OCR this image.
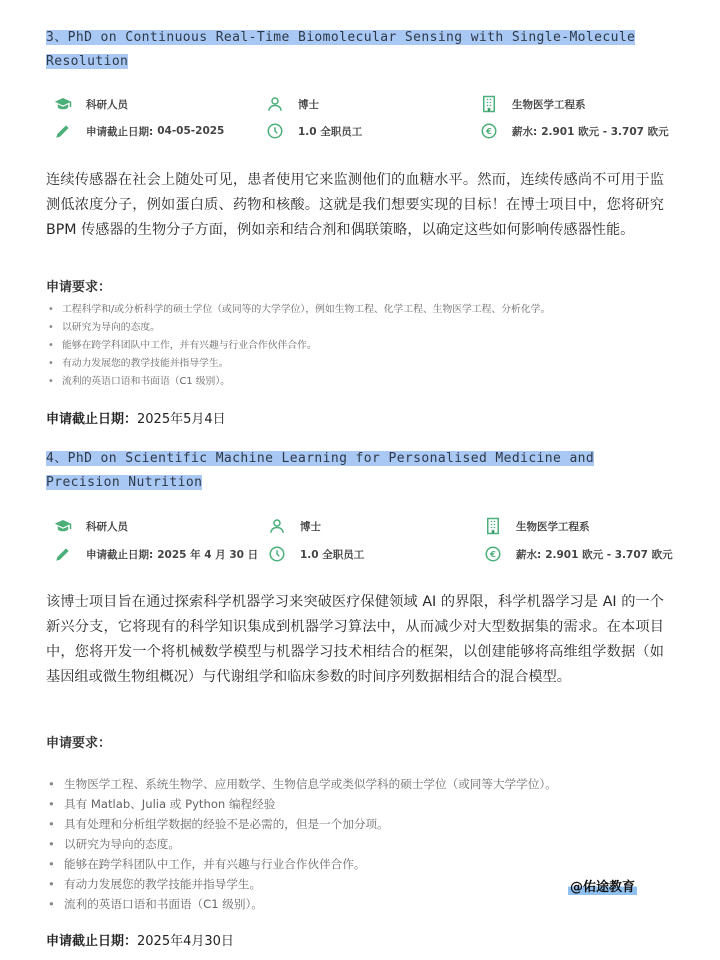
3、PhD on Continuous Real-Time Biomolecular Sensing with Single-Molecule Resolution
科研人员	博士	生物医学工程系
申请截止日期: 04-05-2025	1.0 全职员工	€ 薪水: 2.901 欧元 - 3.707 欧元
连续传感器在社会上随处可见，患者使用它来监测他们的血糖水平。然而，连续传感尚不可用于监测低浓度分子，例如蛋白质、药物和核酸。这就是我们想要实现的目标！在博士项目中，您将研究 BPM 传感器的生物分子方面，例如亲和结合剂和偶联策略，以确定这些如何影响传感器性能。
申请要求：
• 工程科学和/或分析科学的硕士学位（或同等的大学学位），例如生物工程、化学工程、生物医学工程、分析化学。
• 以研究为导向的态度。
• 能够在跨学科团队中工作，并有兴趣与行业合作伙伴合作。
• 有动力发展您的教学技能并指导学生。
• 流利的英语口语和书面语（C1 级别）。
申请截止日期：2025年5月4日
4、PhD on Scientific Machine Learning for Personalised Medicine and Precision Nutrition
科研人员	博士	生物医学工程系
申请截止日期: 2025 年 4 月 30 日	1.0 全职员工	€ 薪水: 2.901 欧元 - 3.707 欧元
该博士项目旨在通过探索科学机器学习来突破医疗保健领域 AI 的界限，科学机器学习是 AI 的一个新兴分支，它将现有的科学知识集成到机器学习算法中，从而减少对大型数据集的需求。在本项目中，您将开发一个将机械数学模型与机器学习技术相结合的框架，以创建能够将高维组学数据（如基因组或微生物组概况）与代谢组学和临床参数的时间序列数据相结合的混合模型。
申请要求：
• 生物医学工程、系统生物学、应用数学、生物信息学或类似学科的硕士学位（或同等大学学位）。
• 具有 Matlab、Julia 或 Python 编程经验
• 具有处理和分析组学数据的经验不是必需的，但是一个加分项。
• 以研究为导向的态度。
• 能够在跨学科团队中工作，并有兴趣与行业合作伙伴合作。
• 有动力发展您的教学技能并指导学生。
• 流利的英语口语和书面语（C1 级别）。
@佑途教育
申请截止日期：2025年4月30日
